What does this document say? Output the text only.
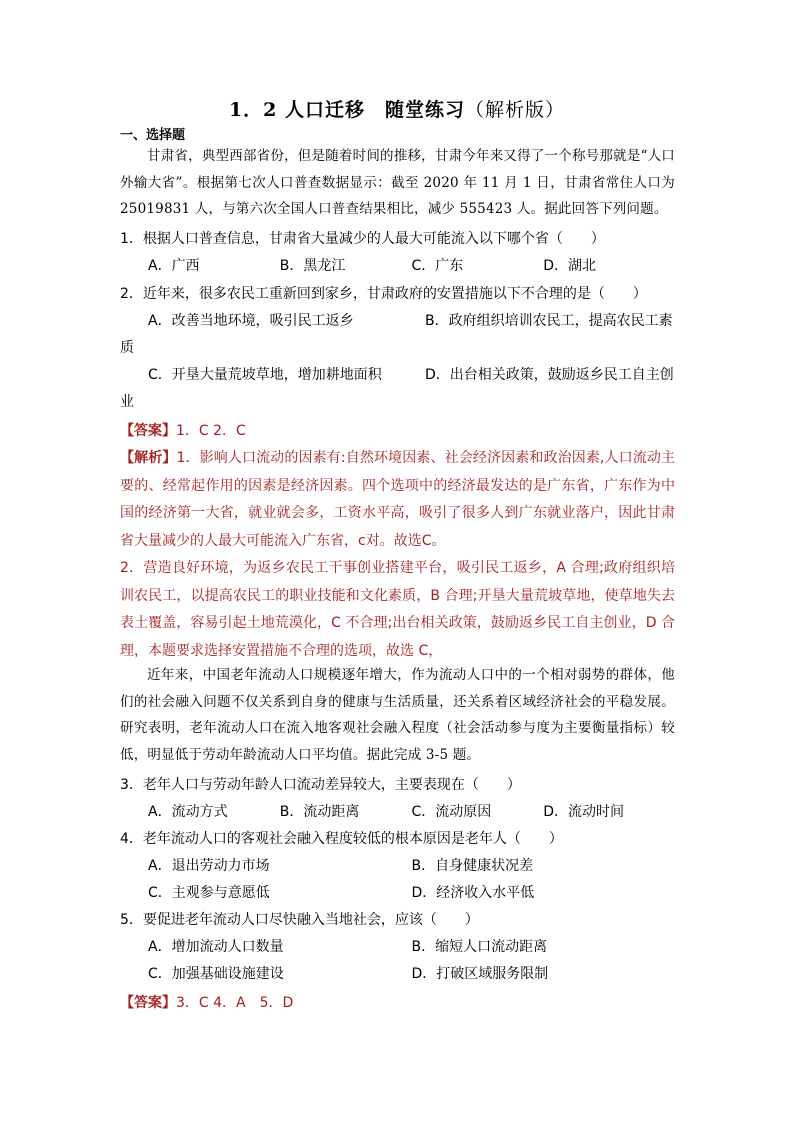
1．2 人口迁移　随堂练习（解析版）
一、选择题

甘肃省，典型西部省份，但是随着时间的推移，甘肃今年来又得了一个称号那就是“人口外输大省”。根据第七次人口普查数据显示：截至 2020 年 11 月 1 日，甘肃省常住人口为 25019831 人，与第六次全国人口普查结果相比，减少 555423 人。据此回答下列问题。

1．根据人口普查信息，甘肃省大量减少的人最大可能流入以下哪个省（　　）

A．广西	B．黑龙江	C．广东	D．湖北

2．近年来，很多农民工重新回到家乡，甘肃政府的安置措施以下不合理的是（　　）

A．改善当地环境，吸引民工返乡	B．政府组织培训农民工，提高农民工素
质
C．开垦大量荒坡草地，增加耕地面积	D．出台相关政策，鼓励返乡民工自主创
业
【答案】1．C 2．C

【解析】1．影响人口流动的因素有:自然环境因素、社会经济因素和政治因素,人口流动主要的、经常起作用的因素是经济因素。四个选项中的经济最发达的是广东省，广东作为中国的经济第一大省，就业就会多，工资水平高，吸引了很多人到广东就业落户，因此甘肃省大量减少的人最大可能流入广东省，c对。故选C。

2．营造良好环境，为返乡农民工干事创业搭建平台，吸引民工返乡，A 合理;政府组织培训农民工，以提高农民工的职业技能和文化素质，B 合理;开垦大量荒坡草地，使草地失去表土覆盖，容易引起土地荒漠化，C 不合理;出台相关政策，鼓励返乡民工自主创业，D 合理，本题要求选择安置措施不合理的选项，故选 C，

近年来，中国老年流动人口规模逐年增大，作为流动人口中的一个相对弱势的群体，他们的社会融入问题不仅关系到自身的健康与生活质量，还关系着区域经济社会的平稳发展。研究表明，老年流动人口在流入地客观社会融入程度（社会活动参与度为主要衡量指标）较低，明显低于劳动年龄流动人口平均值。据此完成 3-5 题。

3．老年人口与劳动年龄人口流动差异较大，主要表现在（　　）

A．流动方式	B．流动距离	C．流动原因	D．流动时间

4．老年流动人口的客观社会融入程度较低的根本原因是老年人（　　）

A．退出劳动力市场	B．自身健康状况差
C．主观参与意愿低	D．经济收入水平低

5．要促进老年流动人口尽快融入当地社会，应该（　　）

A．增加流动人口数量	B．缩短人口流动距离
C．加强基础设施建设	D．打破区域服务限制
【答案】3．C 4．A　5．D
